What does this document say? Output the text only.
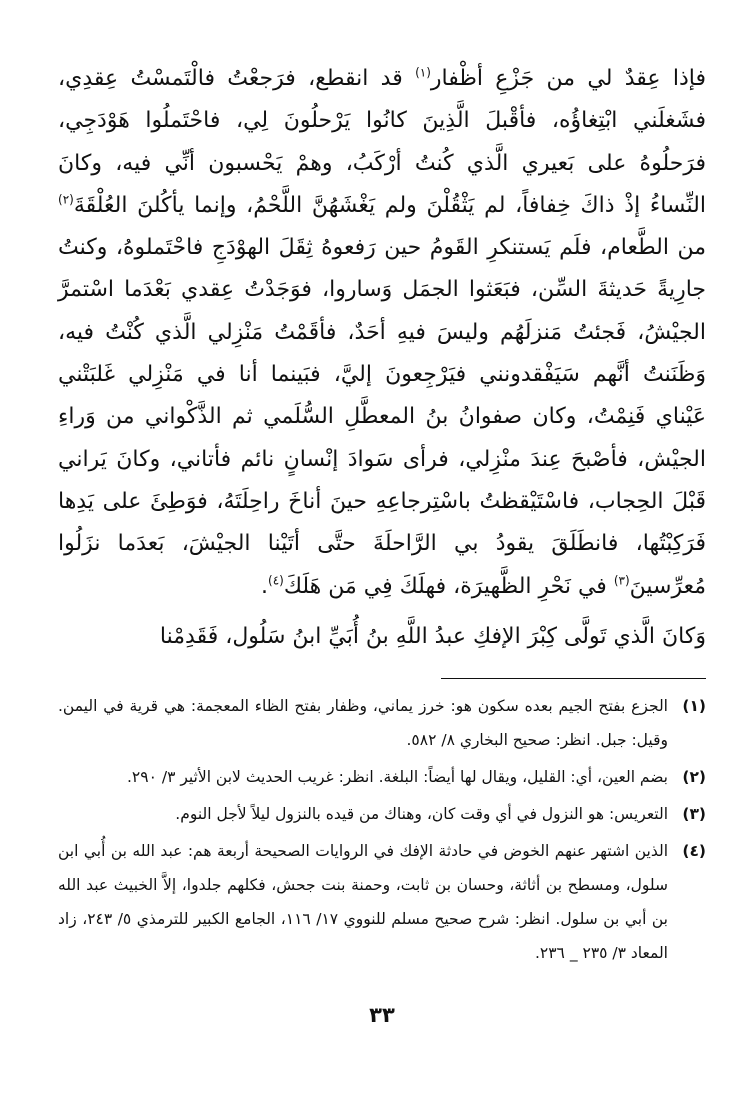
فإذا عِقدٌ لي من جَزْعِ أظْفار$^{(١)}$ قد انقطع، فرَجعْتُ فالْتَمسْتُ عِقدِي، فشَغلَني ابْتِغاؤُه، فأقْبلَ الَّذِينَ كانُوا يَرْحلُونَ لِي، فاحْتَملُوا هَوْدَجِي، فرَحلُوهُ على بَعيري الَّذي كُنتُ أرْكَبُ، وهمْ يَحْسبون أنِّي فيه، وكانَ النِّساءُ إذْ ذاكَ خِفافاً، لم يَثْقُلْنَ ولم يَغْشَهُنَّ اللَّحْمُ، وإنما يأكُلنَ العُلْقَةَ$^{(٢)}$ من الطَّعام، فلَم يَستنكرِ القَومُ حين رَفعوهُ ثِقَلَ الهوْدَجِ فاحْتَملوهُ، وكنتُ جارِيةً حَديثةَ السِّن، فبَعَثوا الجمَل وَساروا، فوَجَدْتُ عِقدي بَعْدَما اسْتمرَّ الجيْشُ، فَجئتُ مَنزلَهُم وليسَ فيهِ أحَدٌ، فأقَمْتُ مَنْزِلي الَّذي كُنْتُ فيه، وَظَنَنتُ أنَّهم سَيَفْقدونني فيَرْجِعونَ إليَّ، فبَينما أنا في مَنْزِلي غَلبَتْني عَيْناي فَنِمْتُ، وكان صفوانُ بنُ المعطَّلِ السُّلَمي ثم الذَّكْواني من وَراءِ الجيْش، فأصْبحَ عِندَ منْزِلي، فرأى سَوادَ إنْسانٍ نائم فأتاني، وكانَ يَراني قَبْلَ الحِجاب، فاسْتَيْقظتُ باسْتِرجاعِهِ حينَ أناخَ راحِلَتَهُ، فوَطِئَ على يَدِها فَرَكِبْتُها، فانطَلَقَ يقودُ بي الرَّاحلَةَ حتَّى أتَيْنا الجيْشَ، بَعدَما نزَلُوا مُعرِّسينَ$^{(٣)}$ في نَحْرِ الظَّهيرَة، فهلَكَ فِي مَن هَلَكَ$^{(٤)}$.

وَكانَ الَّذي تَولَّى كِبْرَ الإفكِ عبدُ اللَّهِ بنُ أُبَيِّ ابنُ سَلُول، فَقَدِمْنا

(١)
الجزع بفتح الجيم بعده سكون هو: خرز يماني، وظفار بفتح الظاء المعجمة: هي قرية في اليمن. وقيل: جبل. انظر: صحيح البخاري ٨/ ٥٨٢.
(٢)
بضم العين، أي: القليل، ويقال لها أيضاً: البلغة. انظر: غريب الحديث لابن الأثير ٣/ ٢٩٠.
(٣)
التعريس: هو النزول في أي وقت كان، وهناك من قيده بالنزول ليلاً لأجل النوم.
(٤)
الذين اشتهر عنهم الخوض في حادثة الإفك في الروايات الصحيحة أربعة هم: عبد الله بن أُبي ابن سلول، ومسطح بن أثاثة، وحسان بن ثابت، وحمنة بنت جحش، فكلهم جلدوا، إلاَّ الخبيث عبد الله بن أبي بن سلول. انظر: شرح صحيح مسلم للنووي ١٧/ ١١٦، الجامع الكبير للترمذي ٥/ ٢٤٣، زاد المعاد ٣/ ٢٣٥ _ ٢٣٦.
٣٣
